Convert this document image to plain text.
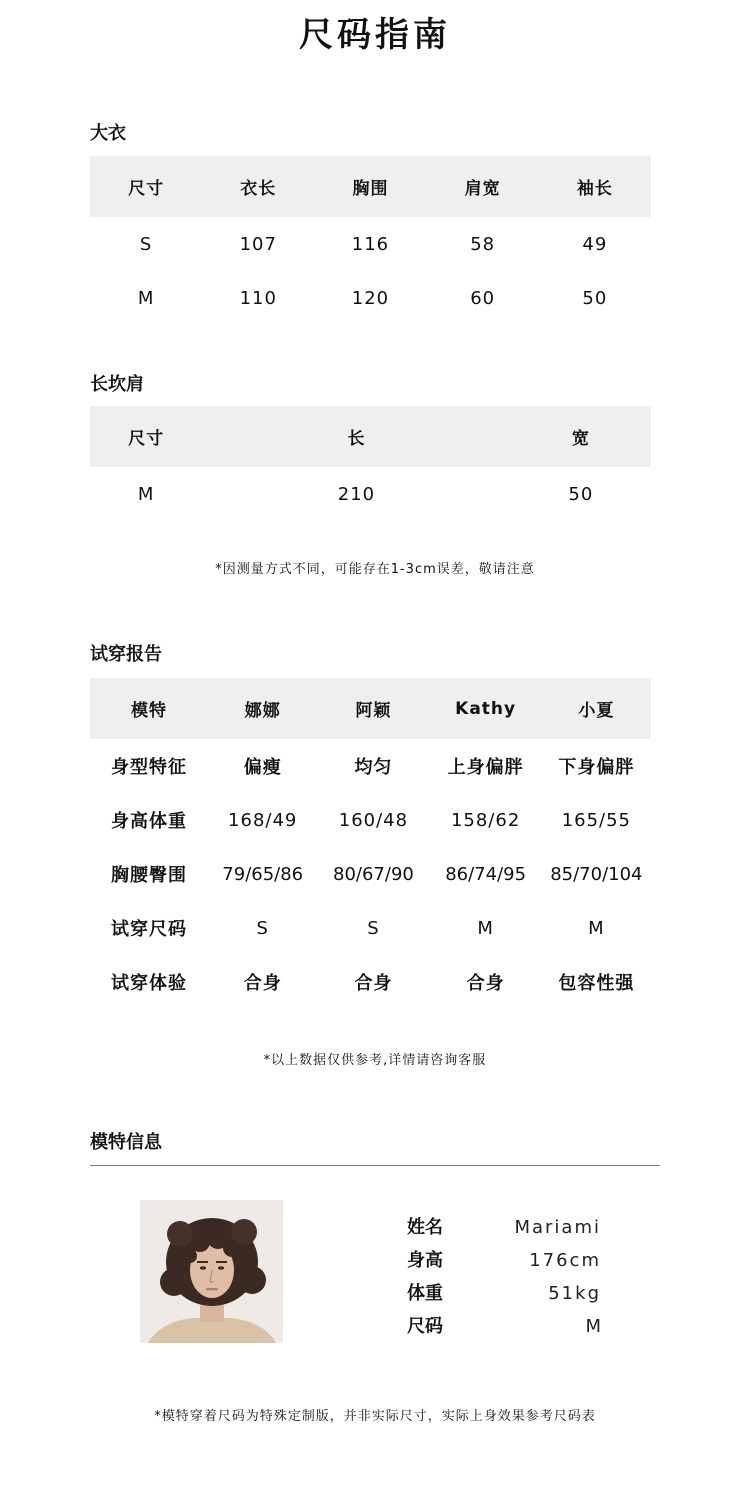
尺码指南
大衣
尺寸	衣长	胸围	肩宽	袖长
S	107	116	58	49
M	110	120	60	50
长坎肩
尺寸	长	宽
M	210	50
*因测量方式不同，可能存在1-3cm误差，敬请注意
试穿报告
模特	娜娜	阿颖	Kathy	小夏
身型特征	偏瘦	均匀	上身偏胖	下身偏胖
身高体重	168/49	160/48	158/62	165/55
胸腰臀围	79/65/86	80/67/90	86/74/95	85/70/104
试穿尺码	S	S	M	M
试穿体验	合身	合身	合身	包容性强
*以上数据仅供参考,详情请咨询客服
模特信息
姓名	Mariami
身高	176cm
体重	51kg
尺码	M
*模特穿着尺码为特殊定制版，并非实际尺寸，实际上身效果参考尺码表
